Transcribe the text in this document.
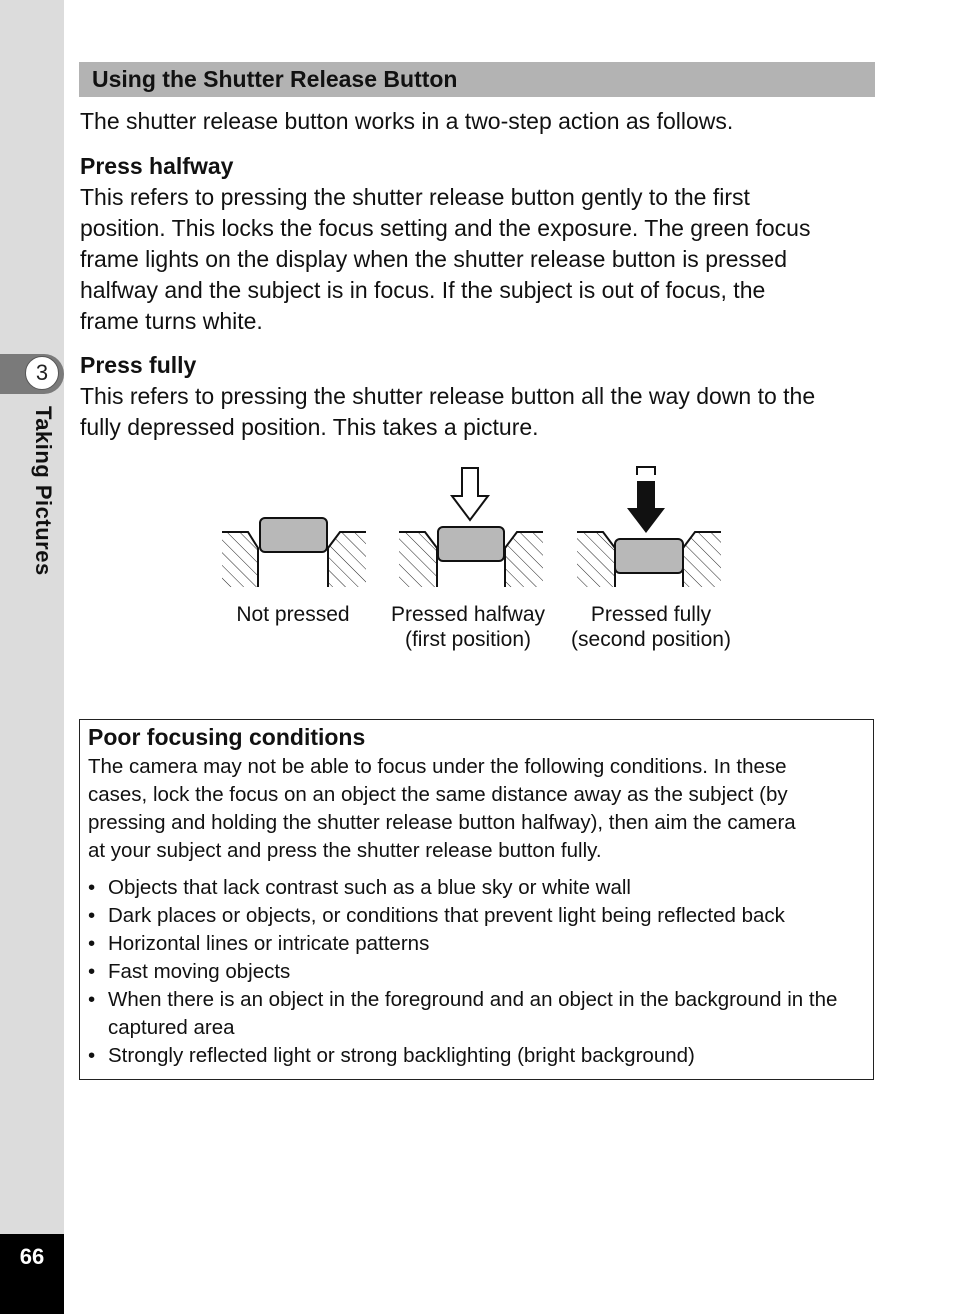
3
Taking Pictures
66
Using the Shutter Release Button

The shutter release button works in a two-step action as follows.

Press halfway

This refers to pressing the shutter release button gently to the first
position. This locks the focus setting and the exposure. The green focus
frame lights on the display when the shutter release button is pressed
halfway and the subject is in focus. If the subject is out of focus, the
frame turns white.

Press fully

This refers to pressing the shutter release button all the way down to the
fully depressed position. This takes a picture.
Not pressed	Pressed halfway
(first position)
Pressed fully
(second position)
Poor focusing conditions
The camera may not be able to focus under the following conditions. In these
cases, lock the focus on an object the same distance away as the subject (by
pressing and holding the shutter release button halfway), then aim the camera
at your subject and press the shutter release button fully.
• Objects that lack contrast such as a blue sky or white wall
• Dark places or objects, or conditions that prevent light being reflected back
• Horizontal lines or intricate patterns
• Fast moving objects
• When there is an object in the foreground and an object in the background in the captured area
• Strongly reflected light or strong backlighting (bright background)
